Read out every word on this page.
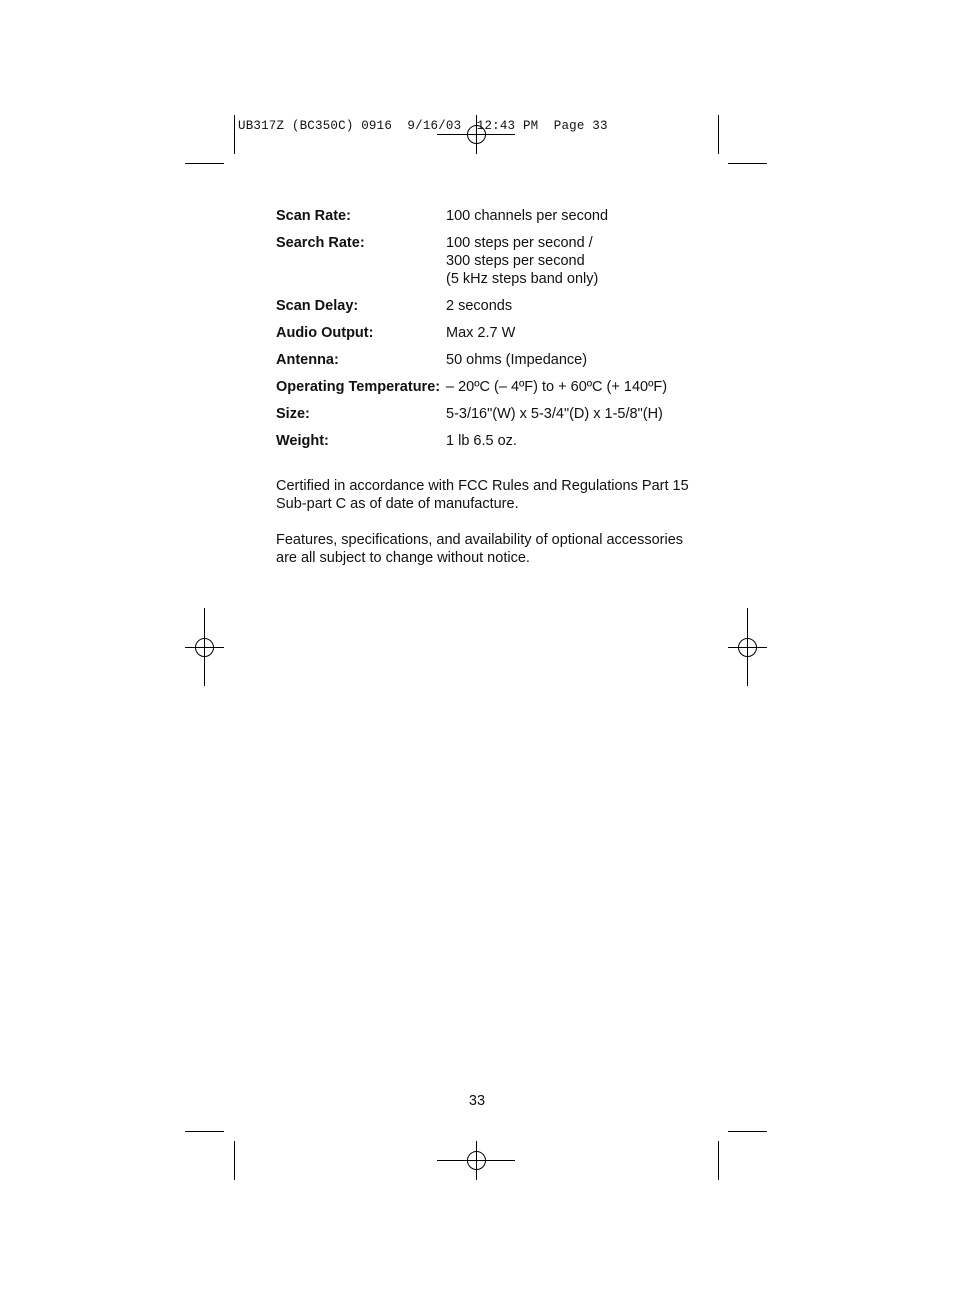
UB317Z (BC350C) 0916  9/16/03  12:43 PM  Page 33
Scan Rate:	100 channels per second
Search Rate:	100 steps per second /
300 steps per second
(5 kHz steps band only)
Scan Delay:	2 seconds
Audio Output:	Max 2.7 W
Antenna:	50 ohms (Impedance)
Operating Temperature: – 20ºC (– 4ºF) to + 60ºC (+ 140ºF)
Size:	5-3/16"(W) x 5-3/4"(D) x 1-5/8"(H)
Weight:	1 lb 6.5 oz.

Certified in accordance with FCC Rules and Regulations Part 15 Sub-part C as of date of manufacture.

Features, specifications, and availability of optional accessories are all subject to change without notice.

33
